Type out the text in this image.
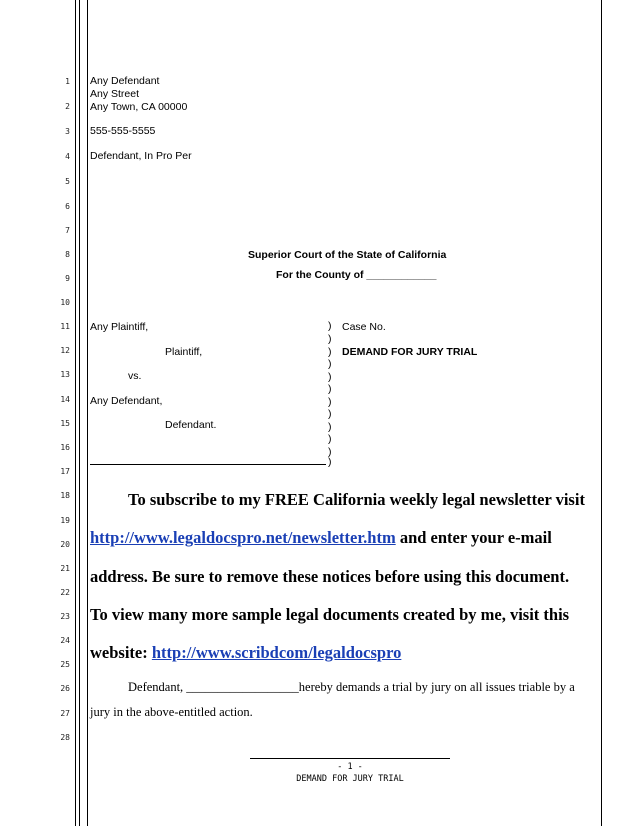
1
2
3
4
5
6
7
8
9
10
11
12
13
14
15
16
17
18
19
20
21
22
23
24
25
26
27
28
Any Defendant
Any Street
Any Town, CA 00000
555-555-5555
Defendant, In Pro Per
Superior Court of the State of California
For the County of ____________
Any Plaintiff,
Plaintiff,
vs.
Any Defendant,
Defendant.
)
)
)
)
)
)
)
)
)
)
)
)
Case No.
DEMAND FOR JURY TRIAL
To subscribe to my FREE California weekly legal newsletter visit
http://www.legaldocspro.net/newsletter.htm and enter your e-mail
address. Be sure to remove these notices before using this document.
To view many more sample legal documents created by me, visit this
website: http://www.scribdcom/legaldocspro
Defendant, __________________hereby demands a trial by jury on all issues triable by a
jury in the above-entitled action.
- 1 -
DEMAND FOR JURY TRIAL
